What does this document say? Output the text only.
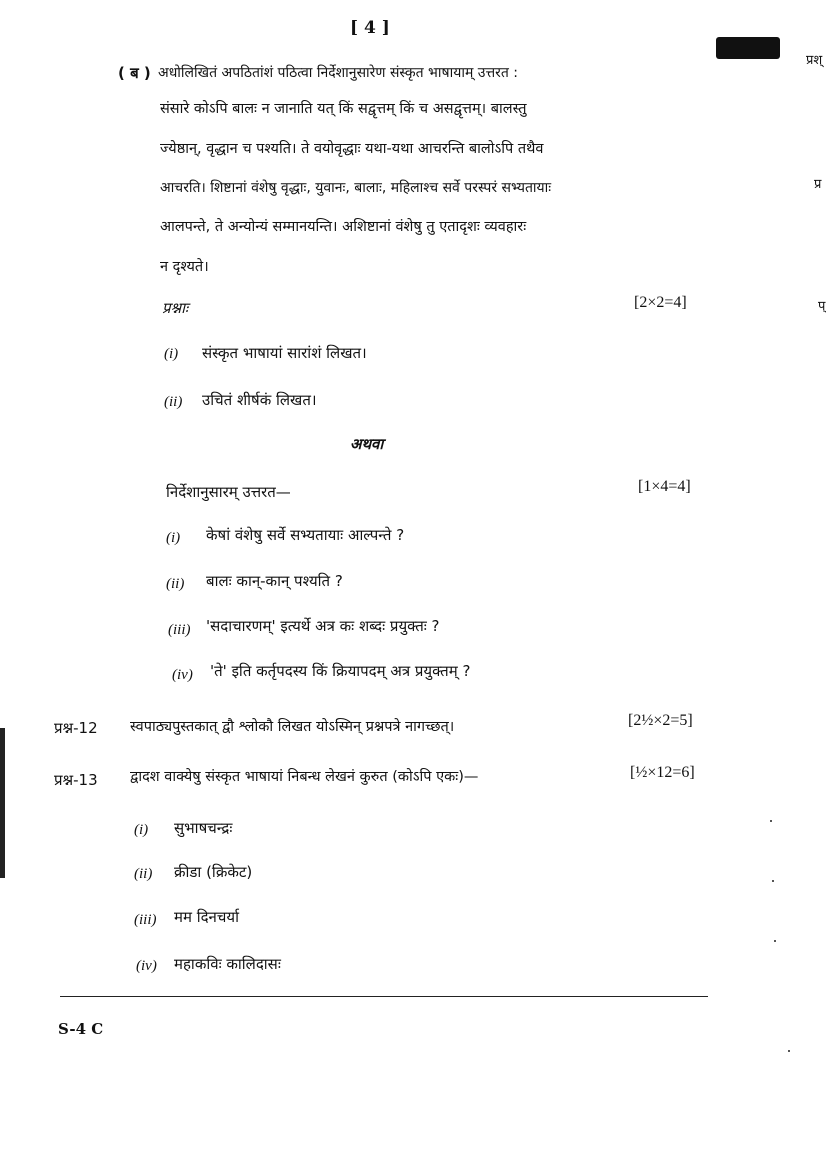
[ 4 ]
प्रश्
प्र
प्
( ब ) अधोलिखितं अपठितांशं पठित्वा निर्देशानुसारेण संस्कृत भाषायाम् उत्तरत :
संसारे कोऽपि बालः न जानाति यत् किं सद्वृत्तम् किं च असद्वृत्तम्। बालस्तु
ज्येष्ठान्, वृद्धान च पश्यति। ते वयोवृद्धाः यथा-यथा आचरन्ति बालोऽपि तथैव
आचरति। शिष्टानां वंशेषु वृद्धाः, युवानः, बालाः, महिलाश्च सर्वे परस्परं सभ्यतायाः
आलपन्ते, ते अन्योन्यं सम्मानयन्ति। अशिष्टानां वंशेषु तु एतादृशः व्यवहारः
न दृश्यते।
प्रश्नाः	[2×2=4]
(i) संस्कृत भाषायां सारांशं लिखत।
(ii) उचितं शीर्षकं लिखत।
अथवा
निर्देशानुसारम् उत्तरत—	[1×4=4]
(i) केषां वंशेषु सर्वे सभ्यतायाः आल्पन्ते ?
(ii) बालः कान्-कान् पश्यति ?
(iii) 'सदाचारणम्' इत्यर्थे अत्र कः शब्दः प्रयुक्तः ?
(iv) 'ते' इति कर्तृपदस्य किं क्रियापदम् अत्र प्रयुक्तम् ?
प्रश्न-12 स्वपाठ्यपुस्तकात् द्वौ श्लोकौ लिखत योऽस्मिन् प्रश्नपत्रे नागच्छत्।	[2½×2=5]
प्रश्न-13 द्वादश वाक्येषु संस्कृत भाषायां निबन्ध लेखनं कुरुत (कोऽपि एकः)—	[½×12=6]
(i) सुभाषचन्द्रः
(ii) क्रीडा (क्रिकेट)
(iii) मम दिनचर्या
(iv) महाकविः कालिदासः
S-4 C
